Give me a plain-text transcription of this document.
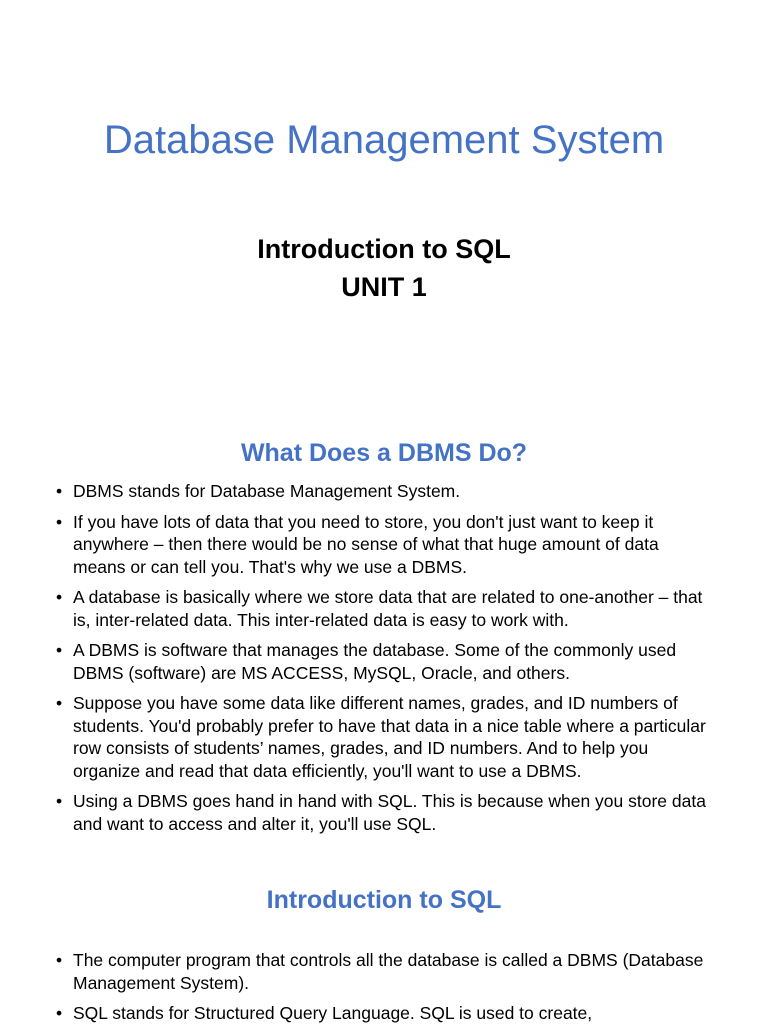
Database Management System
Introduction to SQL
UNIT 1
What Does a DBMS Do?
• DBMS stands for Database Management System.
• If you have lots of data that you need to store, you don't just want to keep it anywhere – then there would be no sense of what that huge amount of data means or can tell you. That's why we use a DBMS.
• A database is basically where we store data that are related to one-another – that is, inter-related data. This inter-related data is easy to work with.
• A DBMS is software that manages the database. Some of the commonly used DBMS (software) are MS ACCESS, MySQL, Oracle, and others.
• Suppose you have some data like different names, grades, and ID numbers of students. You'd probably prefer to have that data in a nice table where a particular row consists of students’ names, grades, and ID numbers. And to help you organize and read that data efficiently, you'll want to use a DBMS.
• Using a DBMS goes hand in hand with SQL. This is because when you store data and want to access and alter it, you'll use SQL.
Introduction to SQL
• The computer program that controls all the database is called a DBMS (Database Management System).
• SQL stands for Structured Query Language. SQL is used to create,
